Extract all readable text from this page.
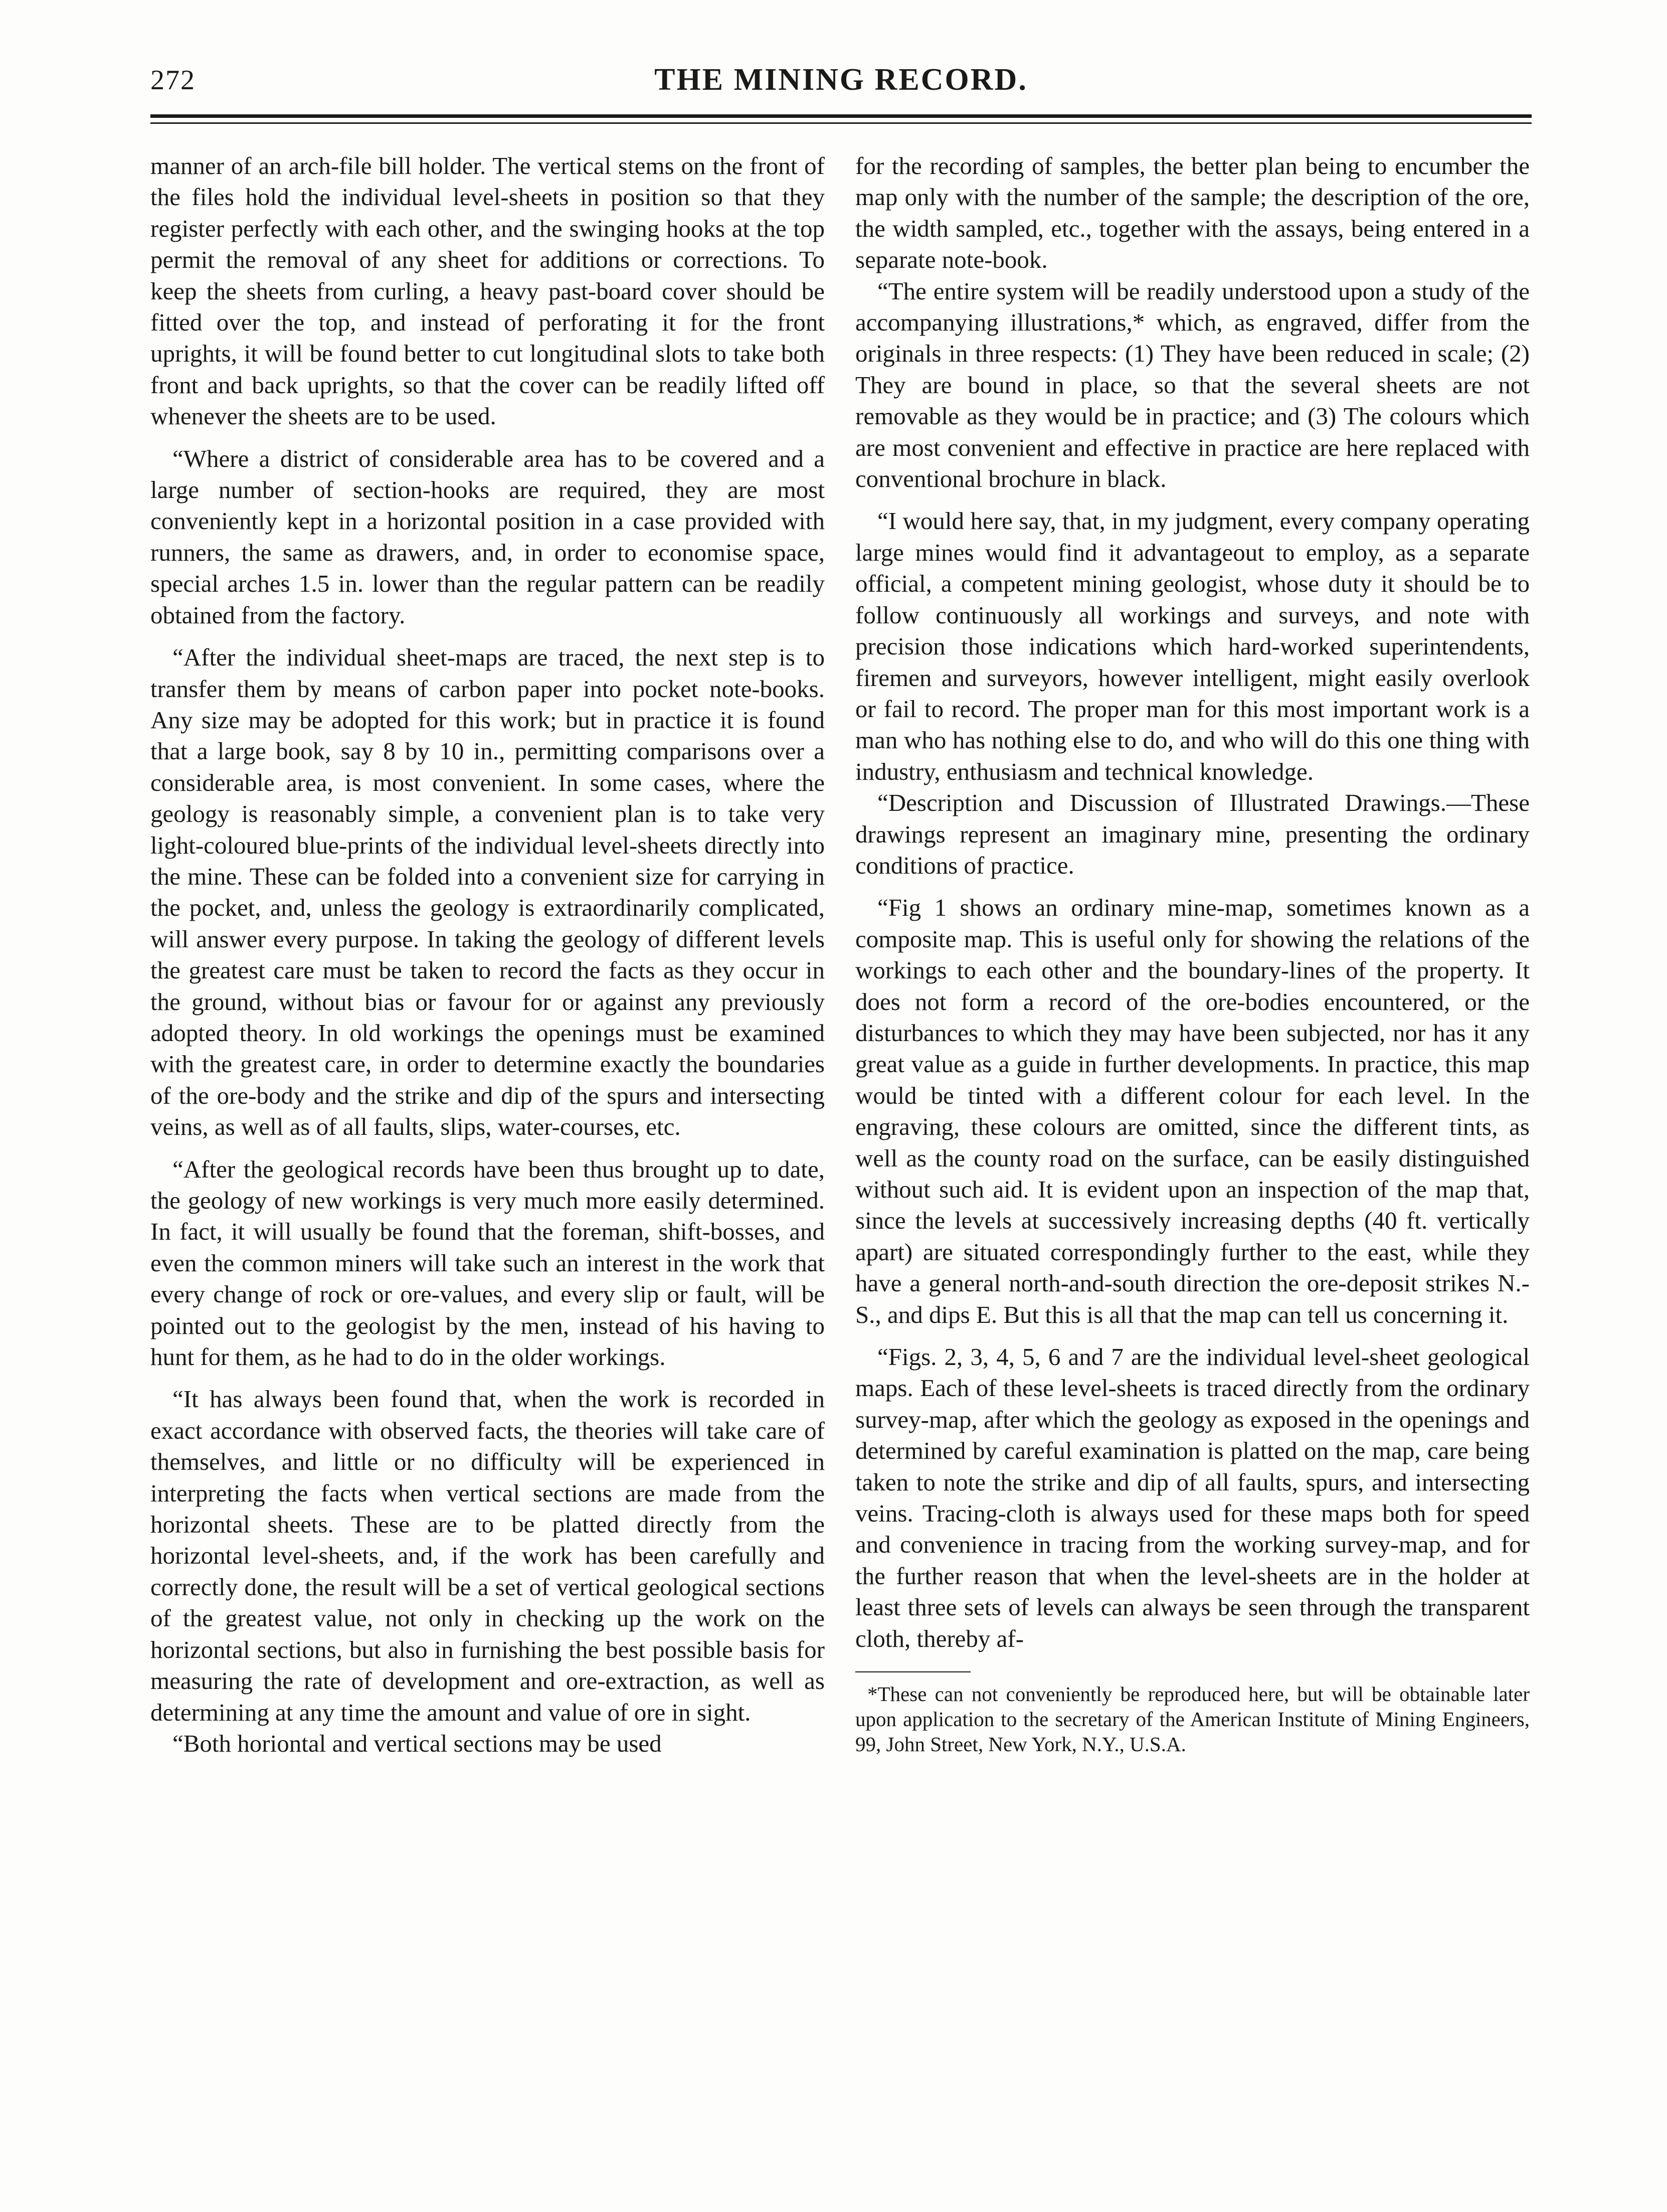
272	THE MINING RECORD.

manner of an arch-file bill holder. The vertical stems on the front of the files hold the individual level-sheets in position so that they register perfectly with each other, and the swinging hooks at the top permit the removal of any sheet for additions or corrections. To keep the sheets from curling, a heavy past-board cover should be fitted over the top, and instead of perforating it for the front uprights, it will be found better to cut longitudinal slots to take both front and back uprights, so that the cover can be readily lifted off whenever the sheets are to be used.

“Where a district of considerable area has to be covered and a large number of section-hooks are required, they are most conveniently kept in a horizontal position in a case provided with runners, the same as drawers, and, in order to economise space, special arches 1.5 in. lower than the regular pattern can be readily obtained from the factory.

“After the individual sheet-maps are traced, the next step is to transfer them by means of carbon paper into pocket note-books. Any size may be adopted for this work; but in practice it is found that a large book, say 8 by 10 in., permitting comparisons over a considerable area, is most convenient. In some cases, where the geology is reasonably simple, a convenient plan is to take very light-coloured blue-prints of the individual level-sheets directly into the mine. These can be folded into a convenient size for carrying in the pocket, and, unless the geology is extraordinarily complicated, will answer every purpose. In taking the geology of different levels the greatest care must be taken to record the facts as they occur in the ground, without bias or favour for or against any previously adopted theory. In old workings the openings must be examined with the greatest care, in order to determine exactly the boundaries of the ore-body and the strike and dip of the spurs and intersecting veins, as well as of all faults, slips, water-courses, etc.

“After the geological records have been thus brought up to date, the geology of new workings is very much more easily determined. In fact, it will usually be found that the foreman, shift-bosses, and even the common miners will take such an interest in the work that every change of rock or ore-values, and every slip or fault, will be pointed out to the geologist by the men, instead of his having to hunt for them, as he had to do in the older workings.

“It has always been found that, when the work is recorded in exact accordance with observed facts, the theories will take care of themselves, and little or no difficulty will be experienced in interpreting the facts when vertical sections are made from the horizontal sheets. These are to be platted directly from the horizontal level-sheets, and, if the work has been carefully and correctly done, the result will be a set of vertical geological sections of the greatest value, not only in checking up the work on the horizontal sections, but also in furnishing the best possible basis for measuring the rate of development and ore-extraction, as well as determining at any time the amount and value of ore in sight.

“Both horiontal and vertical sections may be used

for the recording of samples, the better plan being to encumber the map only with the number of the sample; the description of the ore, the width sampled, etc., together with the assays, being entered in a separate note-book.

“The entire system will be readily understood upon a study of the accompanying illustrations,* which, as engraved, differ from the originals in three respects: (1) They have been reduced in scale; (2) They are bound in place, so that the several sheets are not removable as they would be in practice; and (3) The colours which are most convenient and effective in practice are here replaced with conventional brochure in black.

“I would here say, that, in my judgment, every company operating large mines would find it advantageout to employ, as a separate official, a competent mining geologist, whose duty it should be to follow continuously all workings and surveys, and note with precision those indications which hard-worked superintendents, firemen and surveyors, however intelligent, might easily overlook or fail to record. The proper man for this most important work is a man who has nothing else to do, and who will do this one thing with industry, enthusiasm and technical knowledge.

“Description and Discussion of Illustrated Drawings.—These drawings represent an imaginary mine, presenting the ordinary conditions of practice.

“Fig 1 shows an ordinary mine-map, sometimes known as a composite map. This is useful only for showing the relations of the workings to each other and the boundary-lines of the property. It does not form a record of the ore-bodies encountered, or the disturbances to which they may have been subjected, nor has it any great value as a guide in further developments. In practice, this map would be tinted with a different colour for each level. In the engraving, these colours are omitted, since the different tints, as well as the county road on the surface, can be easily distinguished without such aid. It is evident upon an inspection of the map that, since the levels at successively increasing depths (40 ft. vertically apart) are situated correspondingly further to the east, while they have a general north-and-south direction the ore-deposit strikes N.-S., and dips E. But this is all that the map can tell us concerning it.

“Figs. 2, 3, 4, 5, 6 and 7 are the individual level-sheet geological maps. Each of these level-sheets is traced directly from the ordinary survey-map, after which the geology as exposed in the openings and determined by careful examination is platted on the map, care being taken to note the strike and dip of all faults, spurs, and intersecting veins. Tracing-cloth is always used for these maps both for speed and convenience in tracing from the working survey-map, and for the further reason that when the level-sheets are in the holder at least three sets of levels can always be seen through the transparent cloth, thereby af-

*These can not conveniently be reproduced here, but will be obtainable later upon application to the secretary of the American Institute of Mining Engineers, 99, John Street, New York, N.Y., U.S.A.
